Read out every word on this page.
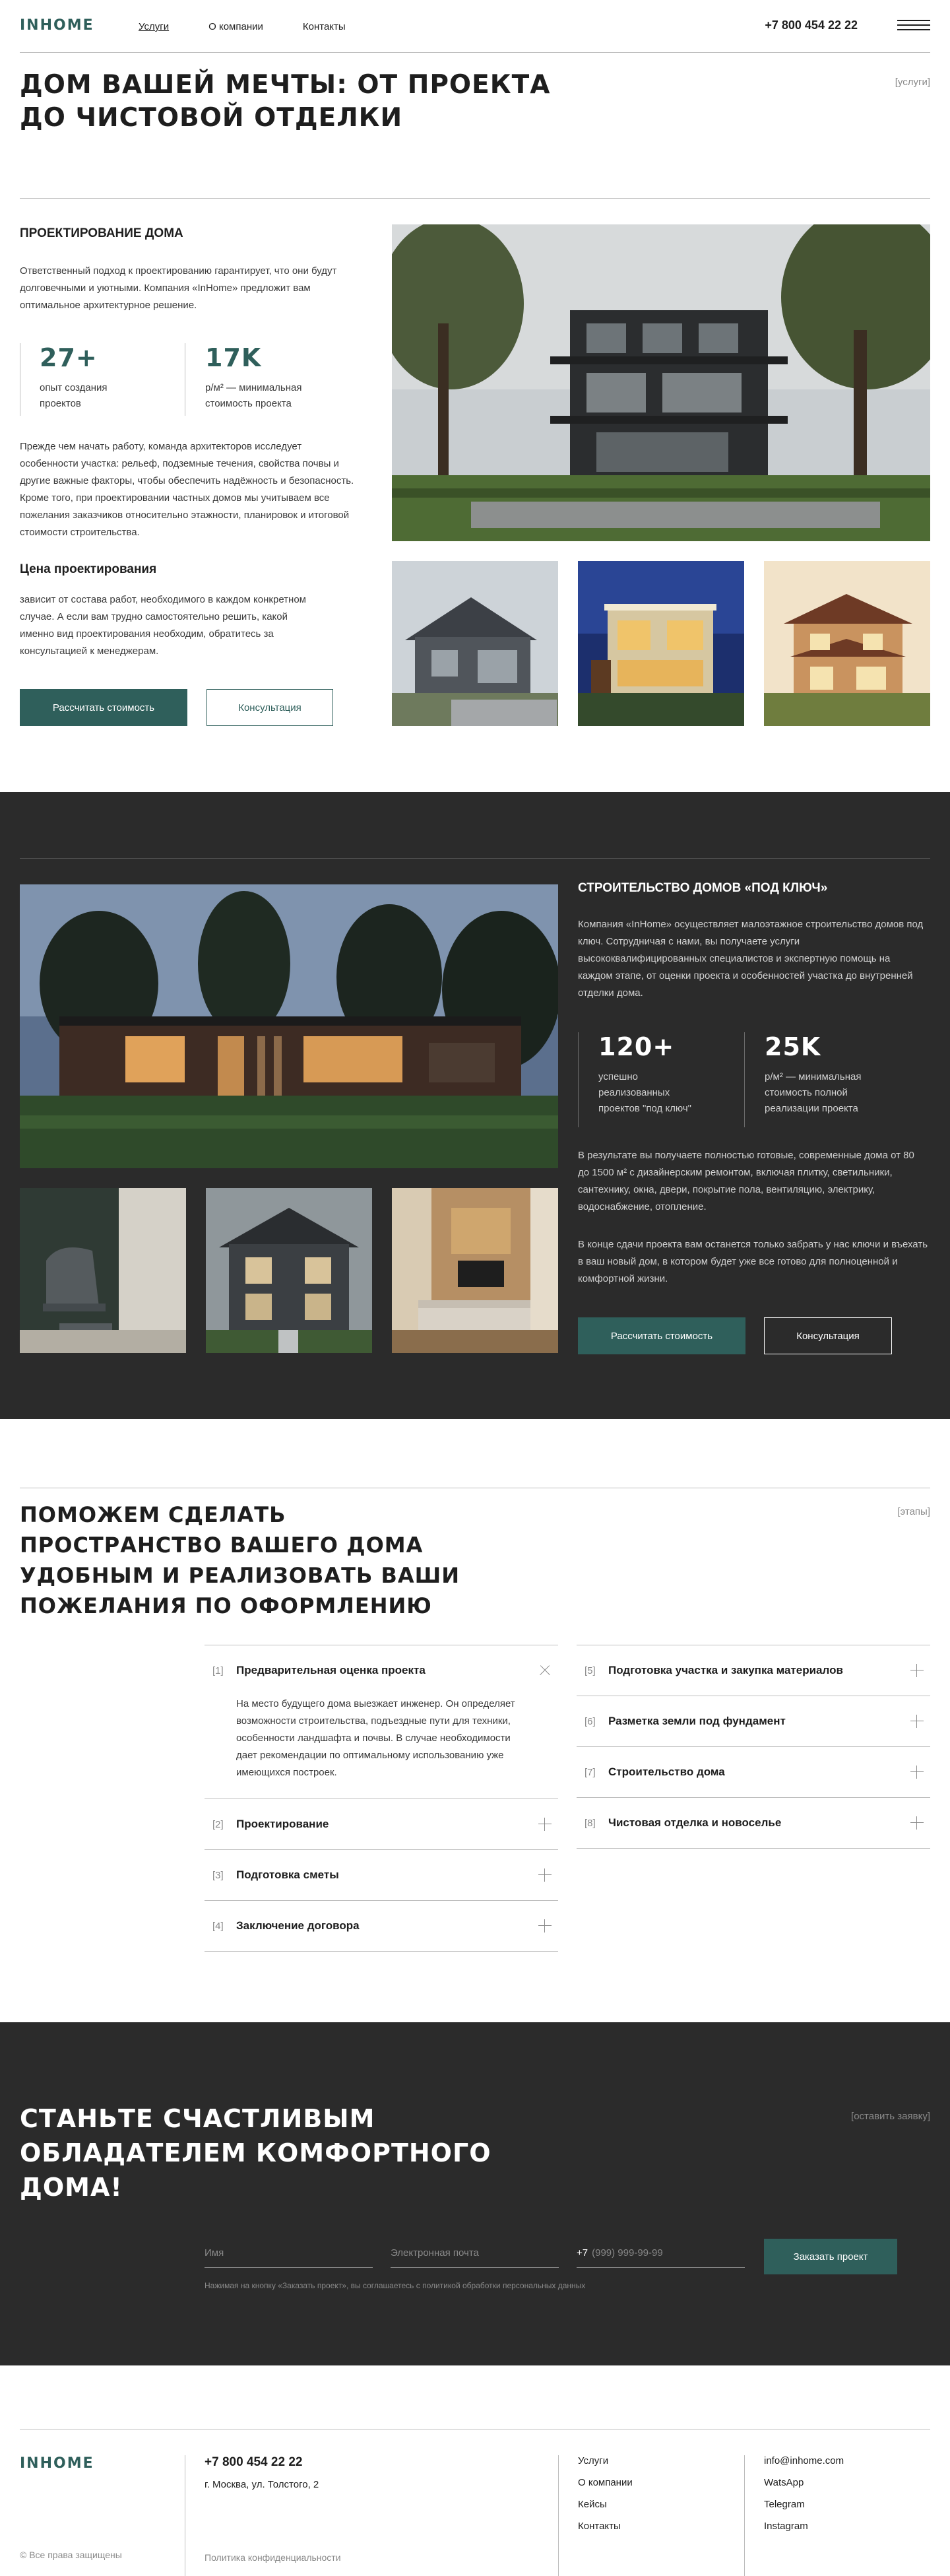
INHOME	Услуги	О компании	Контакты	+7 800 454 22 22
ДОМ ВАШЕЙ МЕЧТЫ: ОТ ПРОЕКТА ДО ЧИСТОВОЙ ОТДЕЛКИ
[услуги]
ПРОЕКТИРОВАНИЕ ДОМА

Ответственный подход к проектированию гарантирует, что они будут долговечными и уютными. Компания «InHome» предложит вам оптимальное архитектурное решение.

27+
опыт создания
проектов
17K
р/м² — минимальная
стоимость проекта

Прежде чем начать работу, команда архитекторов исследует особенности участка: рельеф, подземные течения, свойства почвы и другие важные факторы, чтобы обеспечить надёжность и безопасность. Кроме того, при проектировании частных домов мы учитываем все пожелания заказчиков относительно этажности, планировок и итоговой стоимости строительства.

Цена проектирования

зависит от состава работ, необходимого в каждом конкретном случае. А если вам трудно самостоятельно решить, какой именно вид проектирования необходим, обратитесь за консультацией к менеджерам.

Рассчитать стоимость	Консультация
СТРОИТЕЛЬСТВО ДОМОВ «ПОД КЛЮЧ»

Компания «InHome» осуществляет малоэтажное строительство домов под ключ. Сотрудничая с нами, вы получаете услуги высококвалифицированных специалистов и экспертную помощь на каждом этапе, от оценки проекта и особенностей участка до внутренней отделки дома.

120+
успешно
реализованных
проектов "под ключ"
25K
р/м² — минимальная
стоимость полной
реализации проекта

В результате вы получаете полностью готовые, современные дома от 80 до 1500 м² с дизайнерским ремонтом, включая плитку, светильники, сантехнику, окна, двери, покрытие пола, вентиляцию, электрику, водоснабжение, отопление.

В конце сдачи проекта вам останется только забрать у нас ключи и въехать в ваш новый дом, в котором будет уже все готово для полноценной и комфортной жизни.

Рассчитать стоимость	Консультация
ПОМОЖЕМ СДЕЛАТЬ ПРОСТРАНСТВО ВАШЕГО ДОМА УДОБНЫМ И РЕАЛИЗОВАТЬ ВАШИ ПОЖЕЛАНИЯ ПО ОФОРМЛЕНИЮ
[этапы]
[1]	Предварительная оценка проекта
На место будущего дома выезжает инженер. Он определяет возможности строительства, подъездные пути для техники, особенности ландшафта и почвы. В случае необходимости дает рекомендации по оптимальному использованию уже имеющихся построек.
[2]	Проектирование
[3]	Подготовка сметы
[4]	Заключение договора
[5]	Подготовка участка и закупка материалов
[6]	Разметка земли под фундамент
[7]	Строительство дома
[8]	Чистовая отделка и новоселье
СТАНЬТЕ СЧАСТЛИВЫМ ОБЛАДАТЕЛЕМ КОМФОРТНОГО ДОМА!
[оставить заявку]
Имя	Электронная почта	+7 (999) 999-99-99	Заказать проект
Нажимая на кнопку «Заказать проект», вы соглашаетесь с политикой обработки персональных данных
INHOME
© Все права защищены
+7 800 454 22 22
г. Москва, ул. Толстого, 2
Политика конфиденциальности
Услуги
О компании
Кейсы
Контакты
info@inhome.com
WatsApp
Telegram
Instagram
